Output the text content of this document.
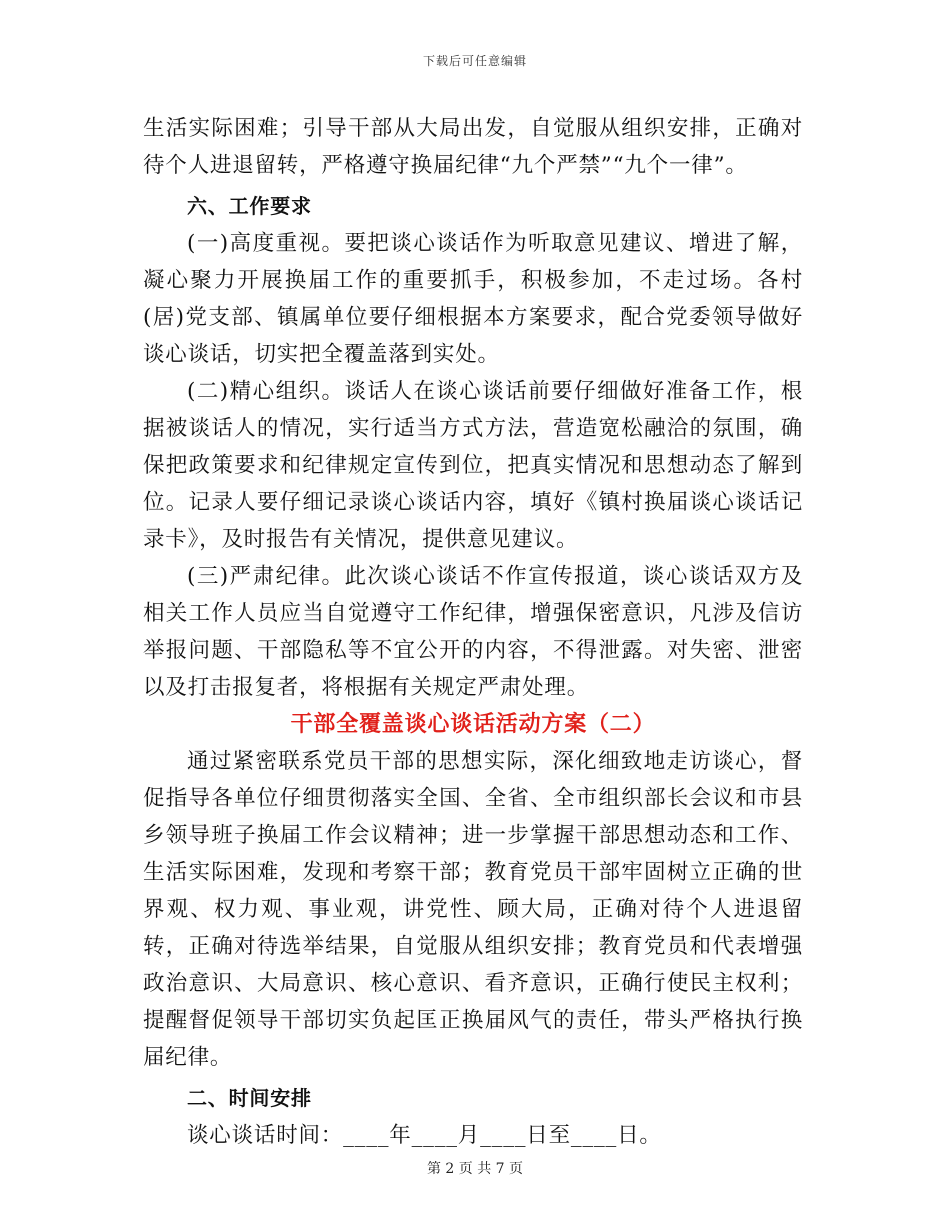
下载后可任意编辑

生活实际困难；引导干部从大局出发，自觉服从组织安排，正确对待个人进退留转，严格遵守换届纪律“九个严禁”“九个一律”。

六、工作要求

(一)高度重视。要把谈心谈话作为听取意见建议、增进了解，凝心聚力开展换届工作的重要抓手，积极参加，不走过场。各村(居)党支部、镇属单位要仔细根据本方案要求，配合党委领导做好谈心谈话，切实把全覆盖落到实处。

(二)精心组织。谈话人在谈心谈话前要仔细做好准备工作，根据被谈话人的情况，实行适当方式方法，营造宽松融洽的氛围，确保把政策要求和纪律规定宣传到位，把真实情况和思想动态了解到位。记录人要仔细记录谈心谈话内容，填好《镇村换届谈心谈话记录卡》，及时报告有关情况，提供意见建议。

(三)严肃纪律。此次谈心谈话不作宣传报道，谈心谈话双方及相关工作人员应当自觉遵守工作纪律，增强保密意识，凡涉及信访举报问题、干部隐私等不宜公开的内容，不得泄露。对失密、泄密以及打击报复者，将根据有关规定严肃处理。

干部全覆盖谈心谈话活动方案（二）

通过紧密联系党员干部的思想实际，深化细致地走访谈心，督促指导各单位仔细贯彻落实全国、全省、全市组织部长会议和市县乡领导班子换届工作会议精神；进一步掌握干部思想动态和工作、生活实际困难，发现和考察干部；教育党员干部牢固树立正确的世界观、权力观、事业观，讲党性、顾大局，正确对待个人进退留转，正确对待选举结果，自觉服从组织安排；教育党员和代表增强政治意识、大局意识、核心意识、看齐意识，正确行使民主权利；提醒督促领导干部切实负起匡正换届风气的责任，带头严格执行换届纪律。

二、时间安排

谈心谈话时间：____年____月____日至____日。

第 2 页 共 7 页
